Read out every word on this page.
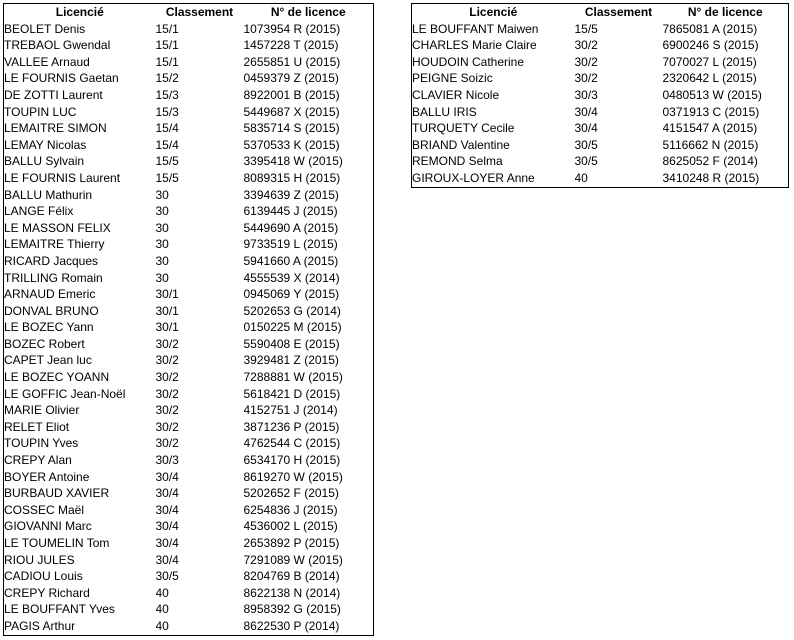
Licencié	Classement	N° de licence
BEOLET Denis	15/1	1073954 R (2015)
TREBAOL Gwendal	15/1	1457228 T (2015)
VALLEE Arnaud	15/1	2655851 U (2015)
LE FOURNIS Gaetan	15/2	0459379 Z (2015)
DE ZOTTI Laurent	15/3	8922001 B (2015)
TOUPIN LUC	15/3	5449687 X (2015)
LEMAITRE SIMON	15/4	5835714 S (2015)
LEMAY Nicolas	15/4	5370533 K (2015)
BALLU Sylvain	15/5	3395418 W (2015)
LE FOURNIS Laurent	15/5	8089315 H (2015)
BALLU Mathurin	30	3394639 Z (2015)
LANGE Félix	30	6139445 J (2015)
LE MASSON FELIX	30	5449690 A (2015)
LEMAITRE Thierry	30	9733519 L (2015)
RICARD Jacques	30	5941660 A (2015)
TRILLING Romain	30	4555539 X (2014)
ARNAUD Emeric	30/1	0945069 Y (2015)
DONVAL BRUNO	30/1	5202653 G (2014)
LE BOZEC Yann	30/1	0150225 M (2015)
BOZEC Robert	30/2	5590408 E (2015)
CAPET Jean luc	30/2	3929481 Z (2015)
LE BOZEC YOANN	30/2	7288881 W (2015)
LE GOFFIC Jean-Noël	30/2	5618421 D (2015)
MARIE Olivier	30/2	4152751 J (2014)
RELET Eliot	30/2	3871236 P (2015)
TOUPIN Yves	30/2	4762544 C (2015)
CREPY Alan	30/3	6534170 H (2015)
BOYER Antoine	30/4	8619270 W (2015)
BURBAUD XAVIER	30/4	5202652 F (2015)
COSSEC Maël	30/4	6254836 J (2015)
GIOVANNI Marc	30/4	4536002 L (2015)
LE TOUMELIN Tom	30/4	2653892 P (2015)
RIOU JULES	30/4	7291089 W (2015)
CADIOU Louis	30/5	8204769 B (2014)
CREPY Richard	40	8622138 N (2014)
LE BOUFFANT Yves	40	8958392 G (2015)
PAGIS Arthur	40	8622530 P (2014)
Licencié	Classement	N° de licence
LE BOUFFANT Maiwen	15/5	7865081 A (2015)
CHARLES Marie Claire	30/2	6900246 S (2015)
HOUDOIN Catherine	30/2	7070027 L (2015)
PEIGNE Soizic	30/2	2320642 L (2015)
CLAVIER Nicole	30/3	0480513 W (2015)
BALLU IRIS	30/4	0371913 C (2015)
TURQUETY Cecile	30/4	4151547 A (2015)
BRIAND Valentine	30/5	5116662 N (2015)
REMOND Selma	30/5	8625052 F (2014)
GIROUX-LOYER Anne	40	3410248 R (2015)
